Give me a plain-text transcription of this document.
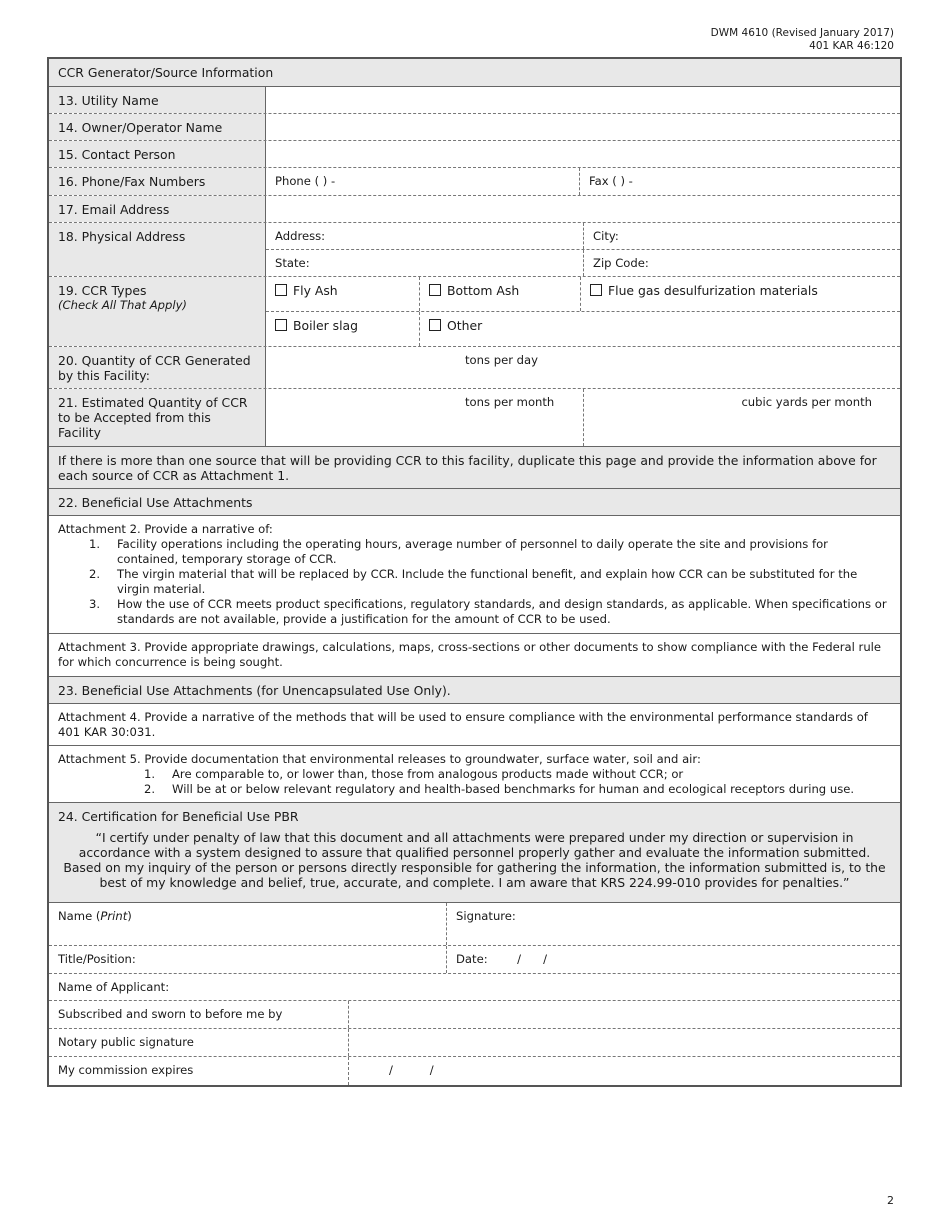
DWM 4610 (Revised January 2017)
401 KAR 46:120
CCR Generator/Source Information
13. Utility Name
14. Owner/Operator Name
15. Contact Person
16. Phone/Fax Numbers	Phone ( ) -	Fax ( ) -
17. Email Address
18. Physical Address	Address:	City:
State:	Zip Code:
19. CCR Types
(Check All That Apply)
Fly Ash	Bottom Ash	Flue gas desulfurization materials
Boiler slag	Other
20. Quantity of CCR Generated by this Facility:
tons per day
21. Estimated Quantity of CCR to be Accepted from this Facility
tons per month	cubic yards per month
If there is more than one source that will be providing CCR to this facility, duplicate this page and provide the information above for each source of CCR as Attachment 1.
22. Beneficial Use Attachments
Attachment 2. Provide a narrative of:
1. Facility operations including the operating hours, average number of personnel to daily operate the site and provisions for contained, temporary storage of CCR.
2. The virgin material that will be replaced by CCR. Include the functional benefit, and explain how CCR can be substituted for the virgin material.
3. How the use of CCR meets product specifications, regulatory standards, and design standards, as applicable. When specifications or standards are not available, provide a justification for the amount of CCR to be used.
Attachment 3. Provide appropriate drawings, calculations, maps, cross-sections or other documents to show compliance with the Federal rule for which concurrence is being sought.
23. Beneficial Use Attachments (for Unencapsulated Use Only).
Attachment 4. Provide a narrative of the methods that will be used to ensure compliance with the environmental performance standards of 401 KAR 30:031.
Attachment 5. Provide documentation that environmental releases to groundwater, surface water, soil and air:
1. Are comparable to, or lower than, those from analogous products made without CCR; or
2. Will be at or below relevant regulatory and health-based benchmarks for human and ecological receptors during use.
24. Certification for Beneficial Use PBR

“I certify under penalty of law that this document and all attachments were prepared under my direction or supervision in accordance with a system designed to assure that qualified personnel properly gather and evaluate the information submitted. Based on my inquiry of the person or persons directly responsible for gathering the information, the information submitted is, to the best of my knowledge and belief, true, accurate, and complete. I am aware that KRS 224.99-010 provides for penalties.”

Name (Print)	Signature:
Title/Position:	Date:        /      /
Name of Applicant:
Subscribed and sworn to before me by
Notary public signature
My commission expires	/          /
2
